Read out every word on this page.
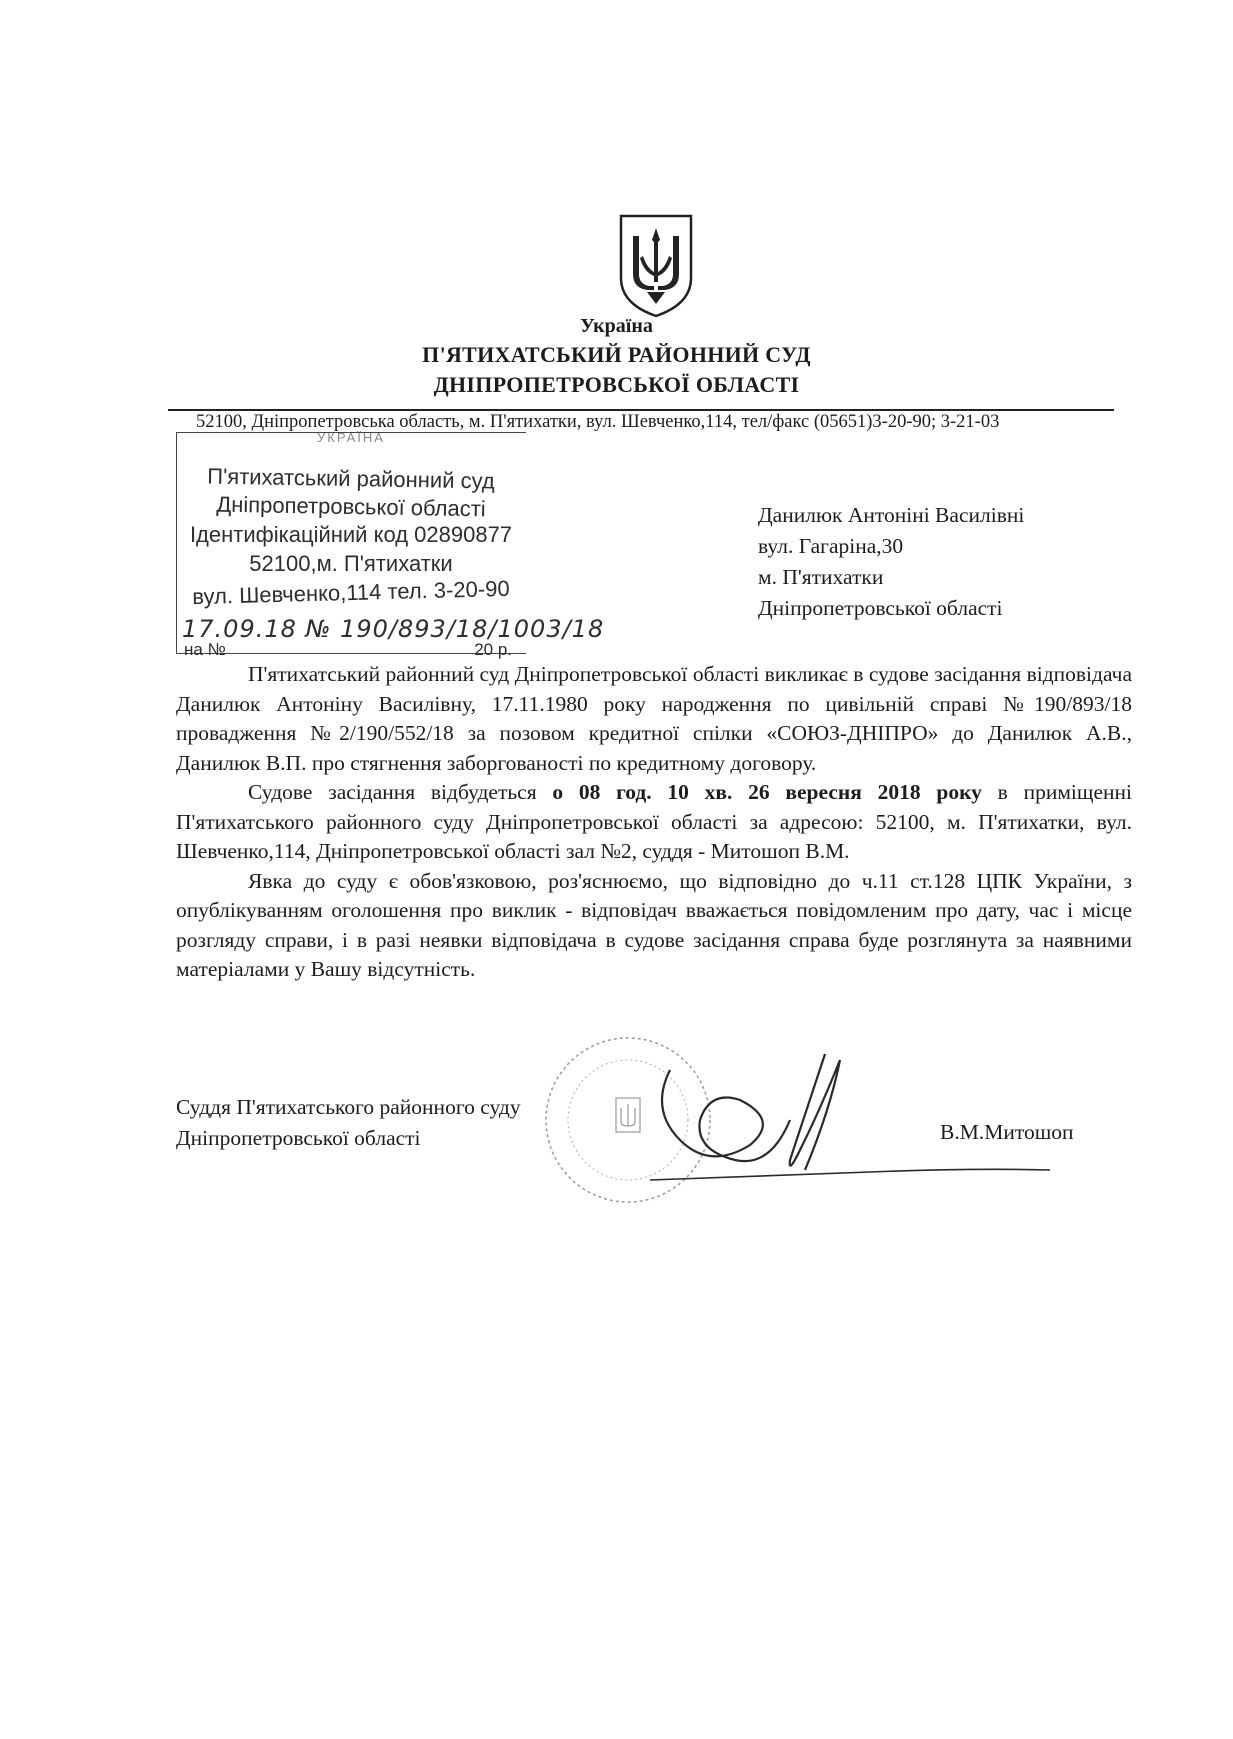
Україна
П'ЯТИХАТСЬКИЙ РАЙОННИЙ СУД
ДНІПРОПЕТРОВСЬКОЇ ОБЛАСТІ
52100, Дніпропетровська область, м. П'ятихатки, вул. Шевченко,114, тел/факс (05651)3-20-90; 3-21-03
УКРАЇНА
П'ятихатський районний суд
Дніпропетровської області
Ідентифікаційний код 02890877
52100,м. П'ятихатки
вул. Шевченко,114 тел. 3-20-90
17.09.18 № 190/893/18/1003/18
на №	20 р.
Данилюк Антоніні Василівні
вул. Гагаріна,30
м. П'ятихатки
Дніпропетровської області

П'ятихатський районний суд Дніпропетровської області викликає в судове засідання відповідача Данилюк Антоніну Василівну, 17.11.1980 року народження по цивільній справі №190/893/18 провадження №2/190/552/18 за позовом кредитної спілки «СОЮЗ-ДНІПРО» до Данилюк А.В., Данилюк В.П. про стягнення заборгованості по кредитному договору.

Судове засідання відбудеться о 08 год. 10 хв. 26 вересня 2018 року в приміщенні П'ятихатського районного суду Дніпропетровської області за адресою: 52100, м. П'ятихатки, вул. Шевченко,114, Дніпропетровської області зал №2, суддя - Митошоп В.М.

Явка до суду є обов'язковою, роз'яснюємо, що відповідно до ч.11 ст.128 ЦПК України, з опублікуванням оголошення про виклик - відповідач вважається повідомленим про дату, час і місце розгляду справи, і в разі неявки відповідача в судове засідання справа буде розглянута за наявними матеріалами у Вашу відсутність.

Суддя П'ятихатського районного суду
Дніпропетровської області	В.М.Митошоп
